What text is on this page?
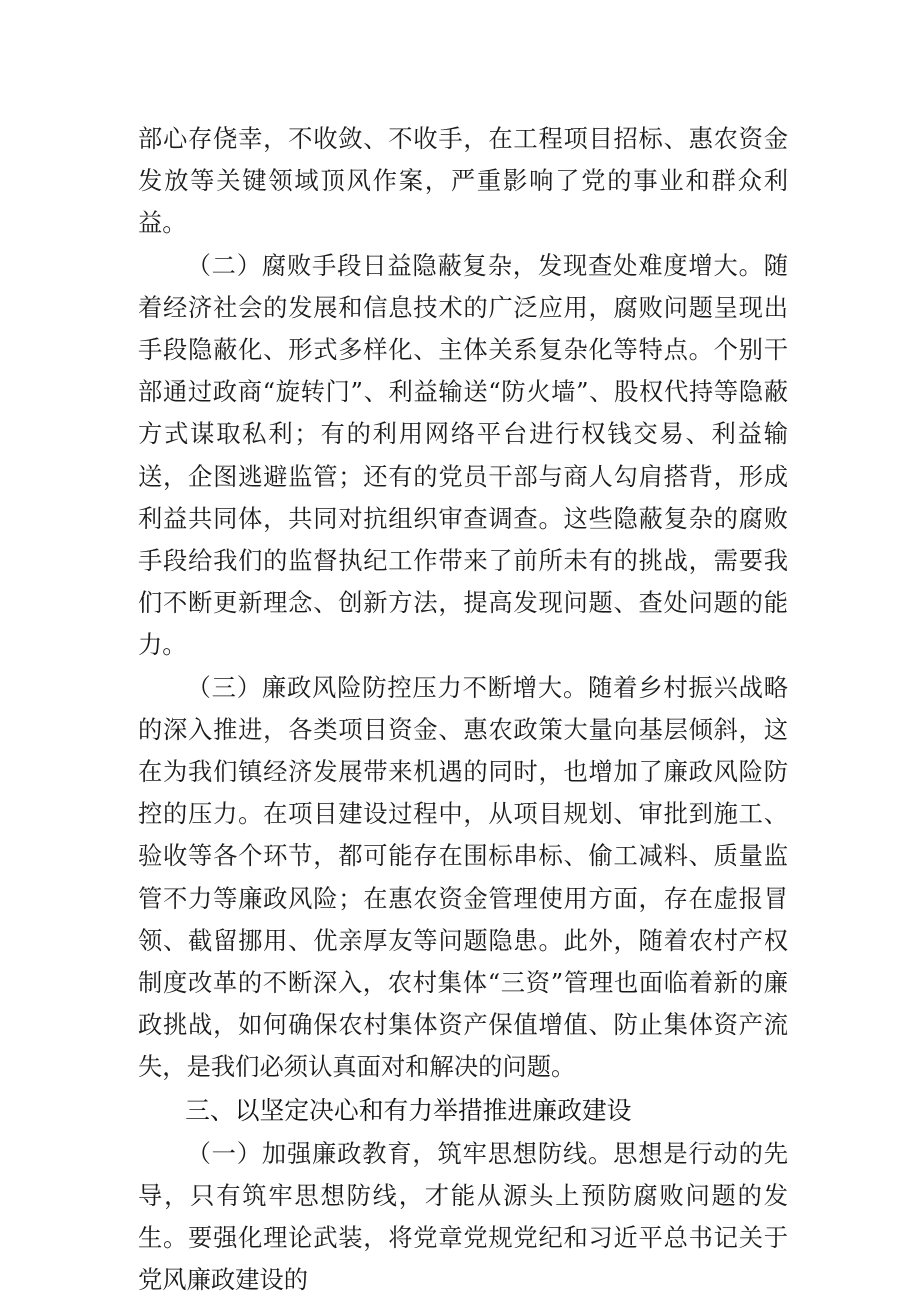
部心存侥幸，不收敛、不收手，在工程项目招标、惠农资金发放等关键领域顶风作案，严重影响了党的事业和群众利益。

（二）腐败手段日益隐蔽复杂，发现查处难度增大。随着经济社会的发展和信息技术的广泛应用，腐败问题呈现出手段隐蔽化、形式多样化、主体关系复杂化等特点。个别干部通过政商“旋转门”、利益输送“防火墙”、股权代持等隐蔽方式谋取私利；有的利用网络平台进行权钱交易、利益输送，企图逃避监管；还有的党员干部与商人勾肩搭背，形成利益共同体，共同对抗组织审查调查。这些隐蔽复杂的腐败手段给我们的监督执纪工作带来了前所未有的挑战，需要我们不断更新理念、创新方法，提高发现问题、查处问题的能力。

（三）廉政风险防控压力不断增大。随着乡村振兴战略的深入推进，各类项目资金、惠农政策大量向基层倾斜，这在为我们镇经济发展带来机遇的同时，也增加了廉政风险防控的压力。在项目建设过程中，从项目规划、审批到施工、验收等各个环节，都可能存在围标串标、偷工减料、质量监管不力等廉政风险；在惠农资金管理使用方面，存在虚报冒领、截留挪用、优亲厚友等问题隐患。此外，随着农村产权制度改革的不断深入，农村集体“三资”管理也面临着新的廉政挑战，如何确保农村集体资产保值增值、防止集体资产流失，是我们必须认真面对和解决的问题。

三、以坚定决心和有力举措推进廉政建设

（一）加强廉政教育，筑牢思想防线。思想是行动的先导，只有筑牢思想防线，才能从源头上预防腐败问题的发生。要强化理论武装，将党章党规党纪和习近平总书记关于党风廉政建设的
